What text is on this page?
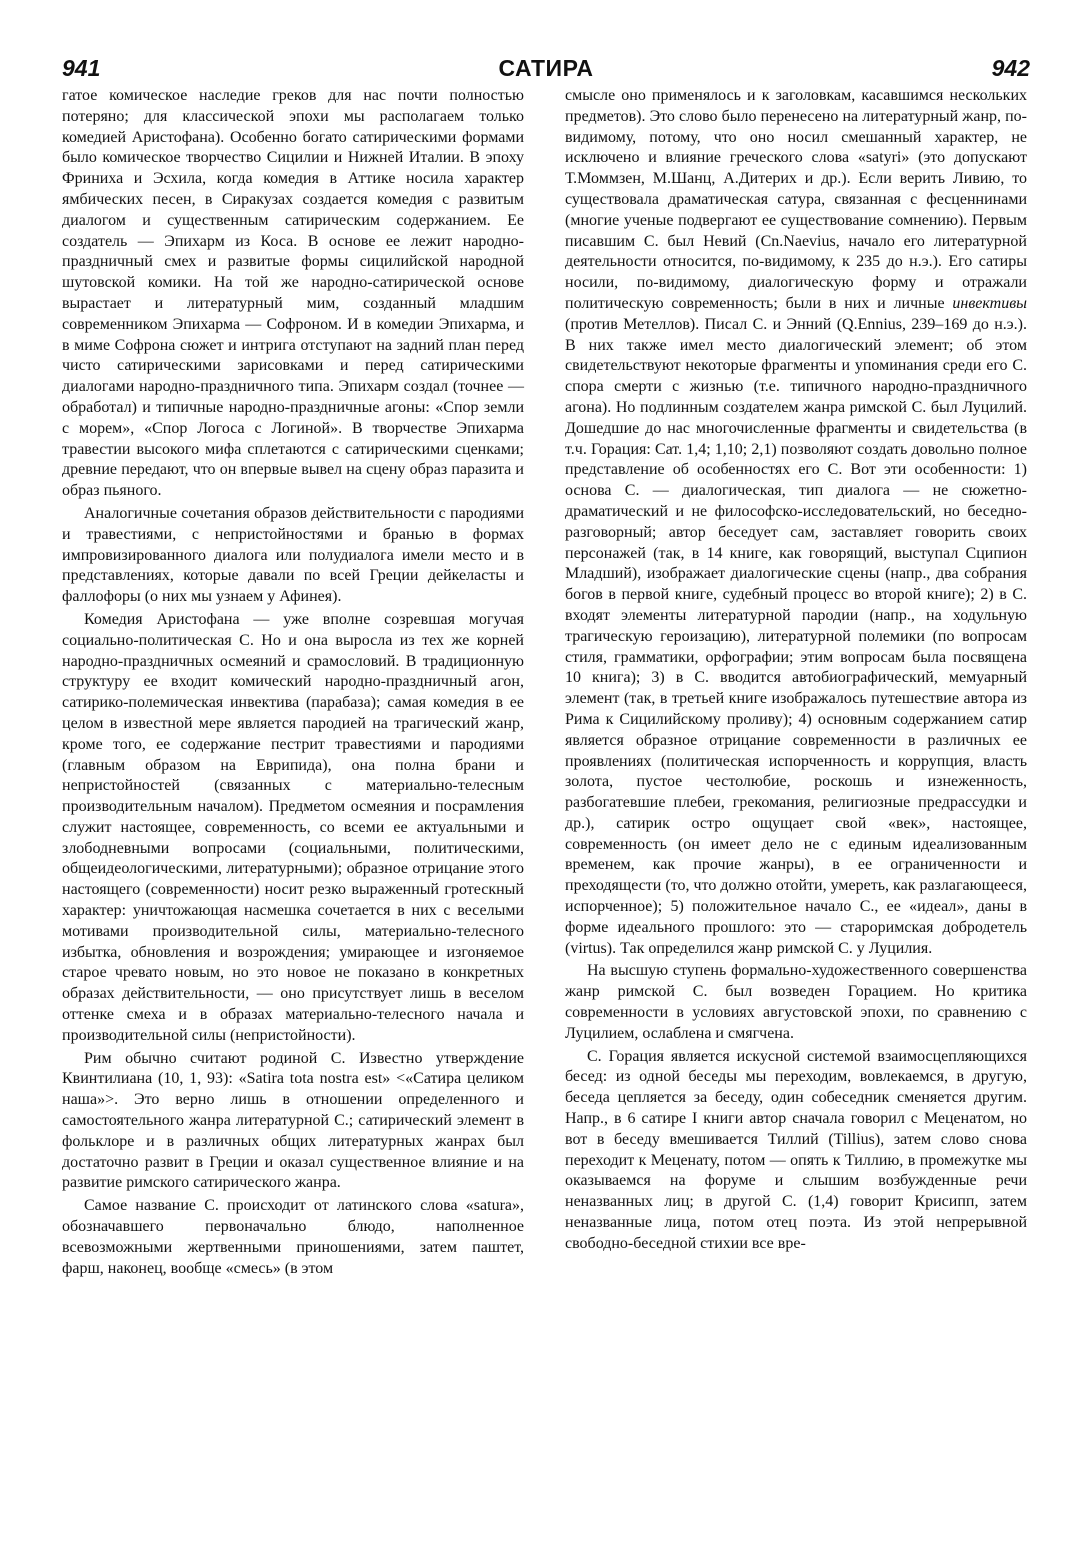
941	САТИРА	942

гатое комическое наследие греков для нас почти полностью потеряно; для классической эпохи мы располагаем только комедией Аристофана). Особенно богато сатирическими формами было комическое творчество Сицилии и Нижней Италии. В эпоху Фриниха и Эсхила, когда комедия в Аттике носила характер ямбических песен, в Сиракузах создается комедия с развитым диалогом и существенным сатирическим содержанием. Ее создатель — Эпихарм из Коса. В основе ее лежит народно-праздничный смех и развитые формы сицилийской народной шутовской комики. На той же народно-сатирической основе вырастает и литературный мим, созданный младшим современником Эпихарма — Софроном. И в комедии Эпихарма, и в миме Софрона сюжет и интрига отступают на задний план перед чисто сатирическими зарисовками и перед сатирическими диалогами народно-праздничного типа. Эпихарм создал (точнее — обработал) и типичные народно-праздничные агоны: «Спор земли с морем», «Спор Логоса с Логиной». В творчестве Эпихарма травестии высокого мифа сплетаются с сатирическими сценками; древние передают, что он впервые вывел на сцену образ паразита и образ пьяного.

Аналогичные сочетания образов действительности с пародиями и травестиями, с непристойностями и бранью в формах импровизированного диалога или полудиалога имели место и в представлениях, которые давали по всей Греции дейкеласты и фаллофоры (о них мы узнаем у Афинея).

Комедия Аристофана — уже вполне созревшая могучая социально-политическая С. Но и она выросла из тех же корней народно-праздничных осмеяний и срамословий. В традиционную структуру ее входит комический народно-праздничный агон, сатирико-полемическая инвектива (парабаза); самая комедия в ее целом в известной мере является пародией на трагический жанр, кроме того, ее содержание пестрит травестиями и пародиями (главным образом на Еврипида), она полна брани и непристойностей (связанных с материально-телесным производительным началом). Предметом осмеяния и посрамления служит настоящее, современность, со всеми ее актуальными и злободневными вопросами (социальными, политическими, общеидеологическими, литературными); образное отрицание этого настоящего (современности) носит резко выраженный гротескный характер: уничтожающая насмешка сочетается в них с веселыми мотивами производительной силы, материально-телесного избытка, обновления и возрождения; умирающее и изгоняемое старое чревато новым, но это новое не показано в конкретных образах действительности, — оно присутствует лишь в веселом оттенке смеха и в образах материально-телесного начала и производительной силы (непристойности).

Рим обычно считают родиной С. Известно утверждение Квинтилиана (10, 1, 93): «Satira tota nostra est» <«Сатира целиком наша»>. Это верно лишь в отношении определенного и самостоятельного жанра литературной С.; сатирический элемент в фольклоре и в различных общих литературных жанрах был достаточно развит в Греции и оказал существенное влияние и на развитие римского сатирического жанра.

Самое название С. происходит от латинского слова «satura», обозначавшего первоначально блюдо, наполненное всевозможными жертвенными приношениями, затем паштет, фарш, наконец, вообще «смесь» (в этом

смысле оно применялось и к заголовкам, касавшимся нескольких предметов). Это слово было перенесено на литературный жанр, по-видимому, потому, что оно носил смешанный характер, не исключено и влияние греческого слова «satyri» (это допускают Т.Моммзен, М.Шанц, А.Дитерих и др.). Если верить Ливию, то существовала драматическая сатура, связанная с фесценнинами (многие ученые подвергают ее существование сомнению). Первым писавшим С. был Невий (Cn.Naevius, начало его литературной деятельности относится, по-видимому, к 235 до н.э.). Его сатиры носили, по-видимому, диалогическую форму и отражали политическую современность; были в них и личные инвективы (против Метеллов). Писал С. и Энний (Q.Ennius, 239–169 до н.э.). В них также имел место диалогический элемент; об этом свидетельствуют некоторые фрагменты и упоминания среди его С. спора смерти с жизнью (т.е. типичного народно-праздничного агона). Но подлинным создателем жанра римской С. был Луцилий. Дошедшие до нас многочисленные фрагменты и свидетельства (в т.ч. Горация: Сат. 1,4; 1,10; 2,1) позволяют создать довольно полное представление об особенностях его С. Вот эти особенности: 1) основа С. — диалогическая, тип диалога — не сюжетно-драматический и не философско-исследовательский, но беседно-разговорный; автор беседует сам, заставляет говорить своих персонажей (так, в 14 книге, как говорящий, выступал Сципион Младший), изображает диалогические сцены (напр., два собрания богов в первой книге, судебный процесс во второй книге); 2) в С. входят элементы литературной пародии (напр., на ходульную трагическую героизацию), литературной полемики (по вопросам стиля, грамматики, орфографии; этим вопросам была посвящена 10 книга); 3) в С. вводится автобиографический, мемуарный элемент (так, в третьей книге изображалось путешествие автора из Рима к Сицилийскому проливу); 4) основным содержанием сатир является образное отрицание современности в различных ее проявлениях (политическая испорченность и коррупция, власть золота, пустое честолюбие, роскошь и изнеженность, разбогатевшие плебеи, грекомания, религиозные предрассудки и др.), сатирик остро ощущает свой «век», настоящее, современность (он имеет дело не с единым идеализованным временем, как прочие жанры), в ее ограниченности и преходящести (то, что должно отойти, умереть, как разлагающееся, испорченное); 5) положительное начало С., ее «идеал», даны в форме идеального прошлого: это — староримская добродетель (virtus). Так определился жанр римской С. у Луцилия.

На высшую ступень формально-художественного совершенства жанр римской С. был возведен Горацием. Но критика современности в условиях августовской эпохи, по сравнению с Луцилием, ослаблена и смягчена.

С. Горация является искусной системой взаимосцепляющихся бесед: из одной беседы мы переходим, вовлекаемся, в другую, беседа цепляется за беседу, один собеседник сменяется другим. Напр., в 6 сатире I книги автор сначала говорил с Меценатом, но вот в беседу вмешивается Тиллий (Tillius), затем слово снова переходит к Меценату, потом — опять к Тиллию, в промежутке мы оказываемся на форуме и слышим возбужденные речи неназванных лиц; в другой С. (1,4) говорит Крисипп, затем неназванные лица, потом отец поэта. Из этой непрерывной свободно-беседной стихии все вре-
